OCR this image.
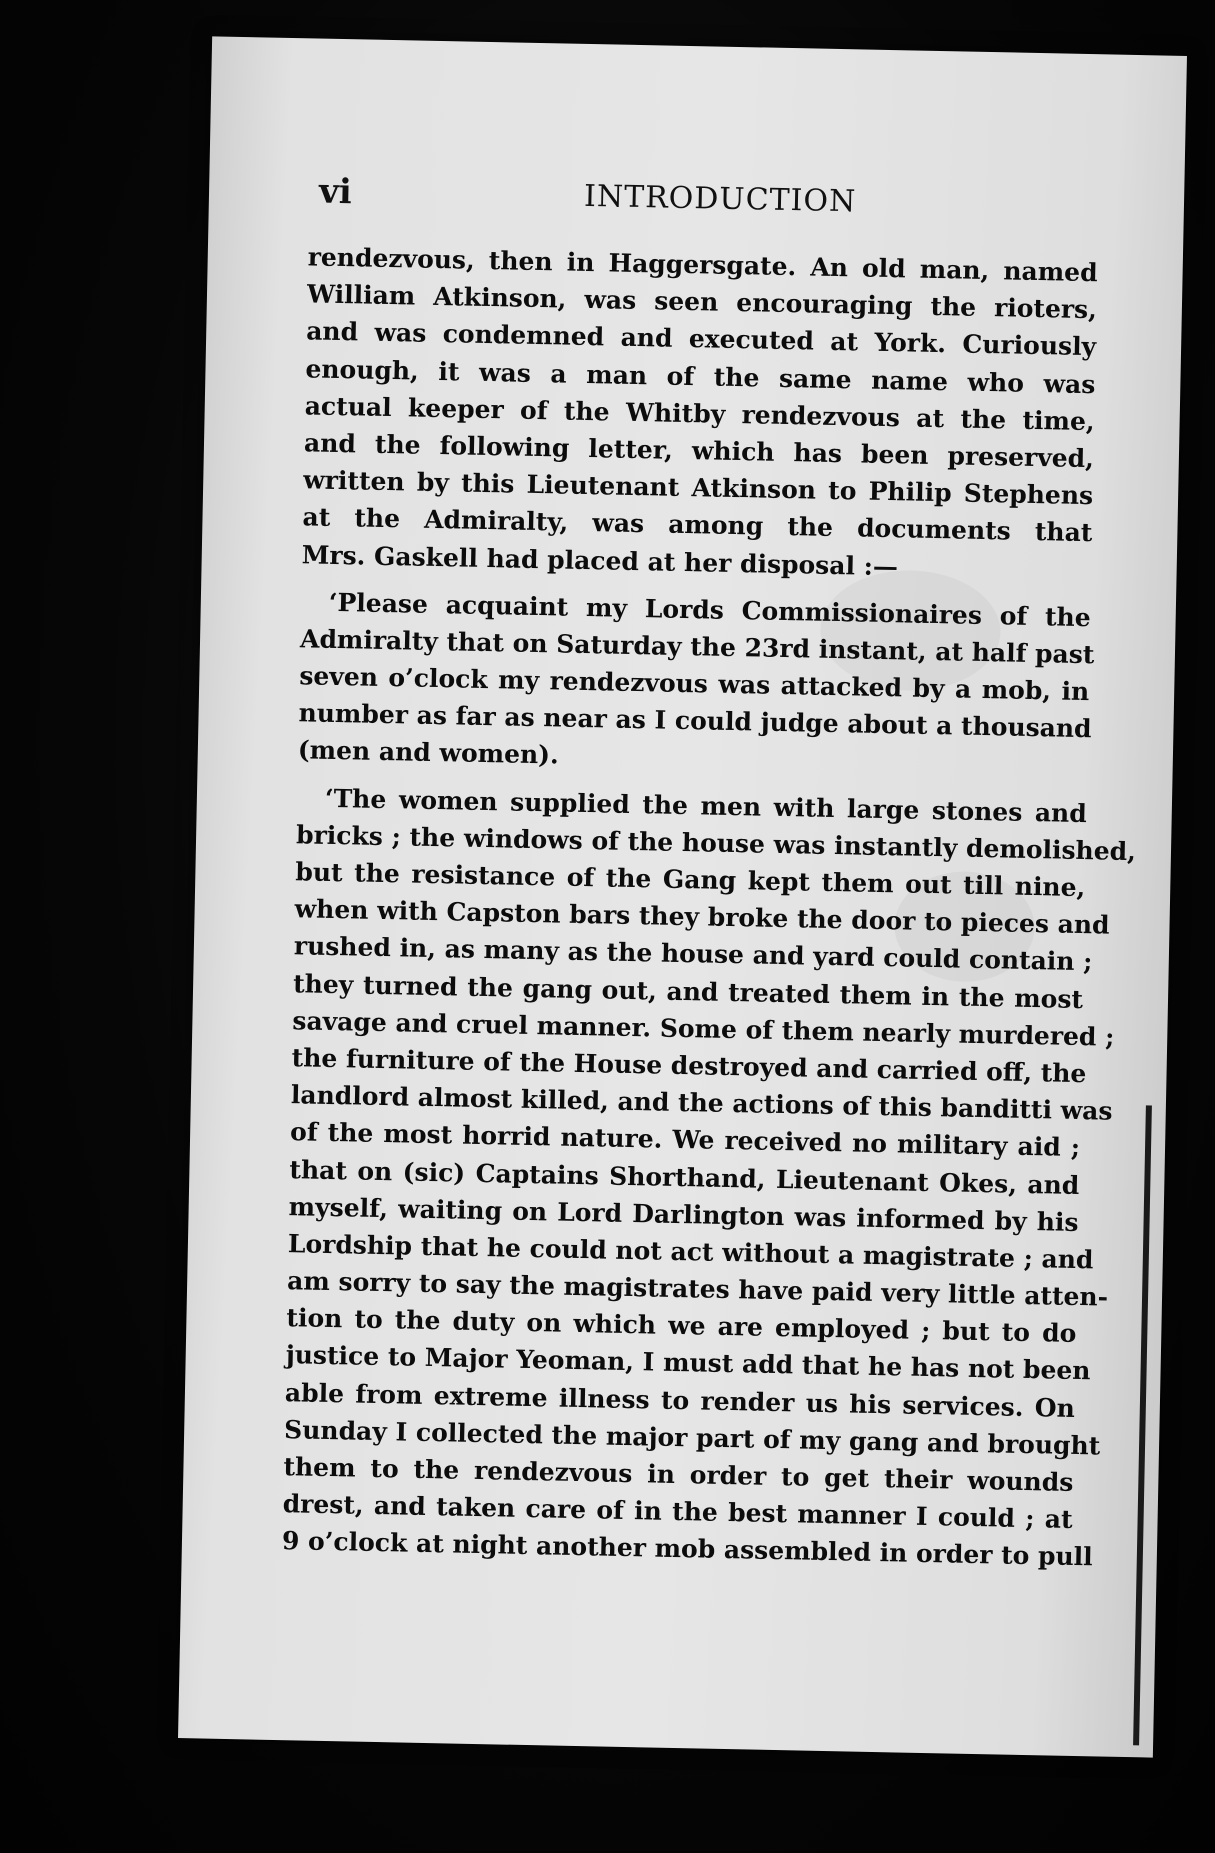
vi	INTRODUCTION
rendezvous, then in Haggersgate. An old man, named
William Atkinson, was seen encouraging the rioters,
and was condemned and executed at York. Curiously
enough, it was a man of the same name who was
actual keeper of the Whitby rendezvous at the time,
and the following letter, which has been preserved,
written by this Lieutenant Atkinson to Philip Stephens
at the Admiralty, was among the documents that
Mrs. Gaskell had placed at her disposal :—
‘Please acquaint my Lords Commissionaires of the
Admiralty that on Saturday the 23rd instant, at half past
seven o’clock my rendezvous was attacked by a mob, in
number as far as near as I could judge about a thousand
(men and women).
‘The women supplied the men with large stones and
bricks ; the windows of the house was instantly demolished,
but the resistance of the Gang kept them out till nine,
when with Capston bars they broke the door to pieces and
rushed in, as many as the house and yard could contain ;
they turned the gang out, and treated them in the most
savage and cruel manner. Some of them nearly murdered ;
the furniture of the House destroyed and carried off, the
landlord almost killed, and the actions of this banditti was
of the most horrid nature. We received no military aid ;
that on (sic) Captains Shorthand, Lieutenant Okes, and
myself, waiting on Lord Darlington was informed by his
Lordship that he could not act without a magistrate ; and
am sorry to say the magistrates have paid very little atten-
tion to the duty on which we are employed ; but to do
justice to Major Yeoman, I must add that he has not been
able from extreme illness to render us his services. On
Sunday I collected the major part of my gang and brought
them to the rendezvous in order to get their wounds
drest, and taken care of in the best manner I could ; at
9 o’clock at night another mob assembled in order to pull
